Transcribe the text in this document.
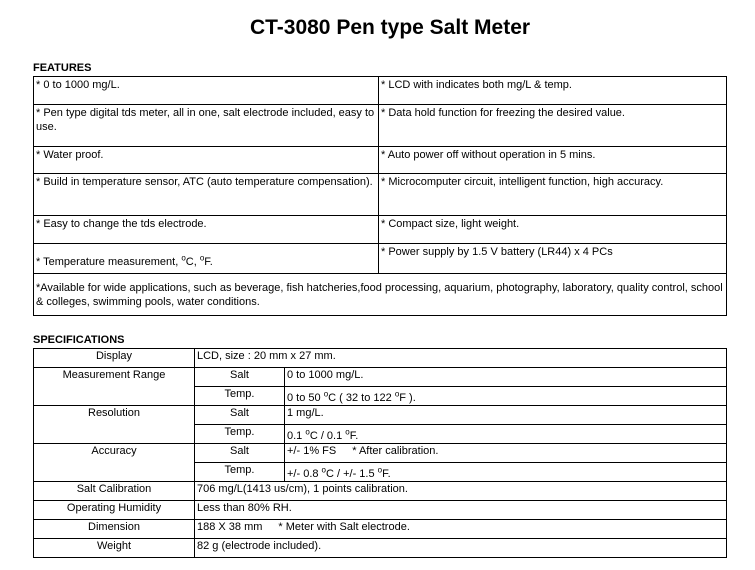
CT-3080 Pen type Salt Meter

FEATURES

* 0 to 1000 mg/L.	* LCD with indicates both mg/L & temp.
* Pen type digital tds meter, all in one, salt electrode included, easy to use.	* Data hold function for freezing the desired value.
* Water proof.	* Auto power off without operation in 5 mins.
* Build in temperature sensor, ATC (auto temperature compensation).	* Microcomputer circuit, intelligent function, high accuracy.
* Easy to change the tds electrode.	* Compact size, light weight.
* Temperature measurement, $^o$C, $^o$F.	* Power supply by 1.5 V battery (LR44) x 4 PCs
*Available for wide applications, such as beverage, fish hatcheries,food processing, aquarium, photography, laboratory, quality control, school & colleges, swimming pools, water conditions.	

SPECIFICATIONS

Display	LCD, size : 20 mm x 27 mm.	
Measurement Range	Salt	0 to 1000 mg/L.
	Temp.	0 to 50 $^o$C ( 32 to 122 $^o$F ).
Resolution	Salt	1 mg/L.
	Temp.	0.1 $^o$C / 0.1 $^o$F.
Accuracy	Salt	+/- 1% FS * After calibration.
	Temp.	+/- 0.8 $^o$C / +/- 1.5 $^o$F.
Salt Calibration	706 mg/L(1413 us/cm), 1 points calibration.	
Operating Humidity	Less than 80% RH.	
Dimension	188 X 38 mm * Meter with Salt electrode.	
Weight	82 g (electrode included).	
